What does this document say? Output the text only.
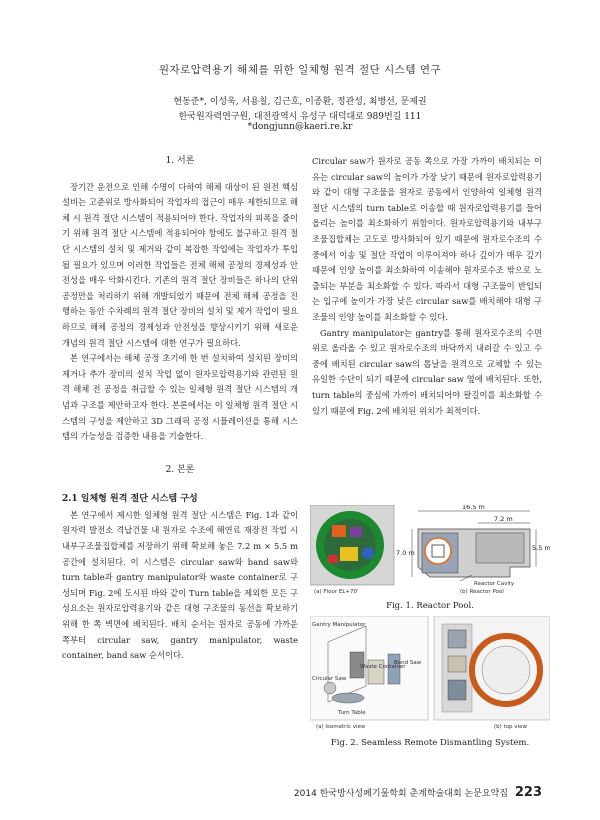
원자로압력용기 해체를 위한 일체형 원격 절단 시스템 연구
현동준*, 이성욱, 서용칠, 김근호, 이종환, 정관성, 최병선, 문제권
한국원자력연구원, 대전광역시 유성구 대덕대로 989번길 111
*dongjunn@kaeri.re.kr

1. 서론

장기간 운전으로 인해 수명이 다하여 해체 대상이 된 원전 핵심설비는 고준위로 방사화되어 작업자의 접근이 매우 제한되므로 해체 시 원격 절단 시스템이 적용되어야 한다. 작업자의 피폭을 줄이기 위해 원격 절단 시스템에 적용되어야 함에도 불구하고 원격 절단 시스템의 설치 및 제거와 같이 복잡한 작업에는 작업자가 투입될 필요가 있으며 이러한 작업들은 전체 해체 공정의 경제성과 안전성을 매우 악화시킨다. 기존의 원격 절단 장비들은 하나의 단위 공정만을 처리하기 위해 개발되었기 때문에 전체 해체 공정을 진행하는 동안 수차례의 원격 절단 장비의 설치 및 제거 작업이 필요하므로 해체 공정의 경제성과 안전성을 향상시키기 위해 새로운 개념의 원격 절단 시스템에 대한 연구가 필요하다.

본 연구에서는 해체 공정 초기에 한 번 설치하여 설치된 장비의 제거나 추가 장비의 설치 작업 없이 원자로압력용기와 관련된 원격 해체 전 공정을 취급할 수 있는 일체형 원격 절단 시스템의 개념과 구조를 제안하고자 한다. 본론에서는 이 일체형 원격 절단 시스템의 구성을 제안하고 3D 그래픽 공정 시뮬레이션을 통해 시스템의 가능성을 검증한 내용을 기술한다.

2. 본론

2.1 일체형 원격 절단 시스템 구성

본 연구에서 제시한 일체형 원격 절단 시스템은 Fig. 1과 같이 원자력 발전소 격납건물 내 원자로 수조에 해연료 재장전 작업 시 내부구조물집합체를 저장하기 위해 확보해 놓은 7.2 m × 5.5 m 공간에 설치된다. 이 시스템은 circular saw와 band saw와 turn table과 gantry manipulator와 waste container로 구성되며 Fig. 2에 도시된 바와 같이 Turn table을 제외한 모든 구성요소는 원자로압력용기와 같은 대형 구조물의 동선을 확보하기 위해 한 쪽 벽면에 배치된다. 배치 순서는 원자로 공동에 가까운 쪽부터 circular saw, gantry manipulator, waste container, band saw 순서이다.

Circular saw가 원자로 공동 쪽으로 가장 가까이 배치되는 이유는 circular saw의 높이가 가장 낮기 때문에 원자로압력용기와 같이 대형 구조물을 원자로 공동에서 인양하여 일체형 원격 절단 시스템의 turn table로 이송할 때 원자로압력용기를 들어 올리는 높이를 최소화하기 위함이다. 원자로압력용기와 내부구조물집합체는 고도로 방사화되어 있기 때문에 원자로수조의 수중에서 이송 및 절단 작업이 이루어져야 하나 깊이가 매우 깊기 때문에 인양 높이를 최소화하여 이송해야 원자로수조 밖으로 노출되는 부분을 최소화할 수 있다. 따라서 대형 구조물이 반입되는 입구에 높이가 가장 낮은 circular saw를 배치해야 대형 구조물의 인양 높이를 최소화할 수 있다.

Gantry manipulator는 gantry를 통해 원자로수조의 수면 위로 올라올 수 있고 원자로수조의 바닥까지 내려갈 수 있고 수중에 배치된 circular saw의 톱날을 원격으로 교체할 수 있는 유일한 수단이 되기 때문에 circular saw 옆에 배치된다. 또한, turn table의 중심에 가까이 배치되어야 팔길이를 최소화할 수 있기 때문에 Fig. 2에 배치된 위치가 최적이다.

(a) Floor EL+70'
16.5 m
7.2 m
7.0 m
5.5 m
Reactor Cavity
(b) Reactor Pool
Fig. 1. Reactor Pool.
Gantry Manipulator
Waste Container
Band Saw
Circular Saw
Turn Table
(a) Isometric view	(b) top view
Fig. 2. Seamless Remote Dismantling System.
2014 한국방사성폐기물학회 춘계학술대회 논문요약집 223
